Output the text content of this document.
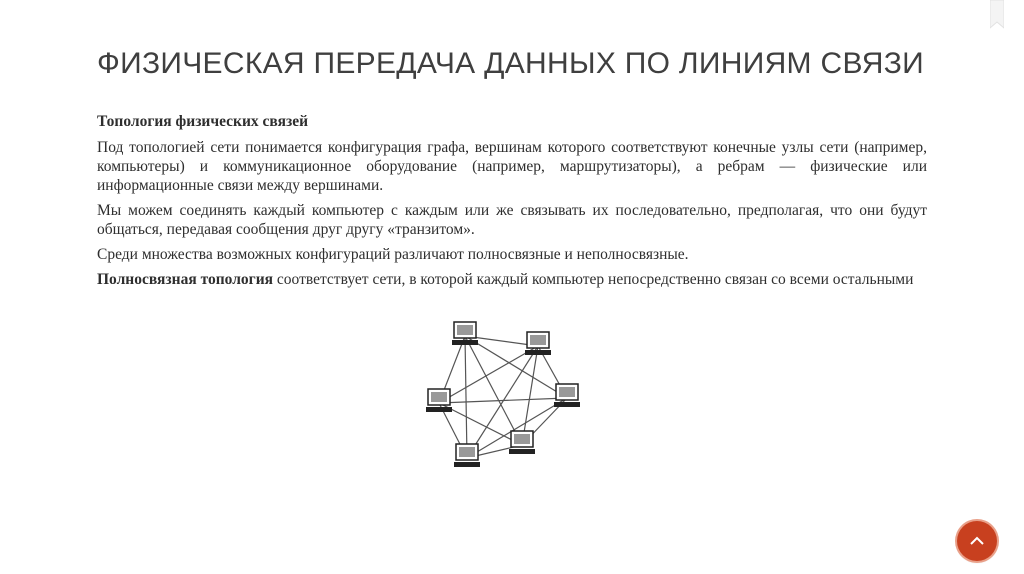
ФИЗИЧЕСКАЯ ПЕРЕДАЧА ДАННЫХ ПО ЛИНИЯМ СВЯЗИ

Топология физических связей

Под топологией сети понимается конфигурация графа, вершинам которого соответствуют конечные узлы сети (например, компьютеры) и коммуникационное оборудование (например, маршрутизаторы), а ребрам — физические или информационные связи между вершинами.

Мы можем соединять каждый компьютер с каждым или же связывать их последовательно, предполагая, что они будут общаться, передавая сообщения друг другу «транзитом».

Среди множества возможных конфигураций различают полносвязные и неполносвязные.

Полносвязная топология соответствует сети, в которой каждый компьютер непосредственно связан со всеми остальными
